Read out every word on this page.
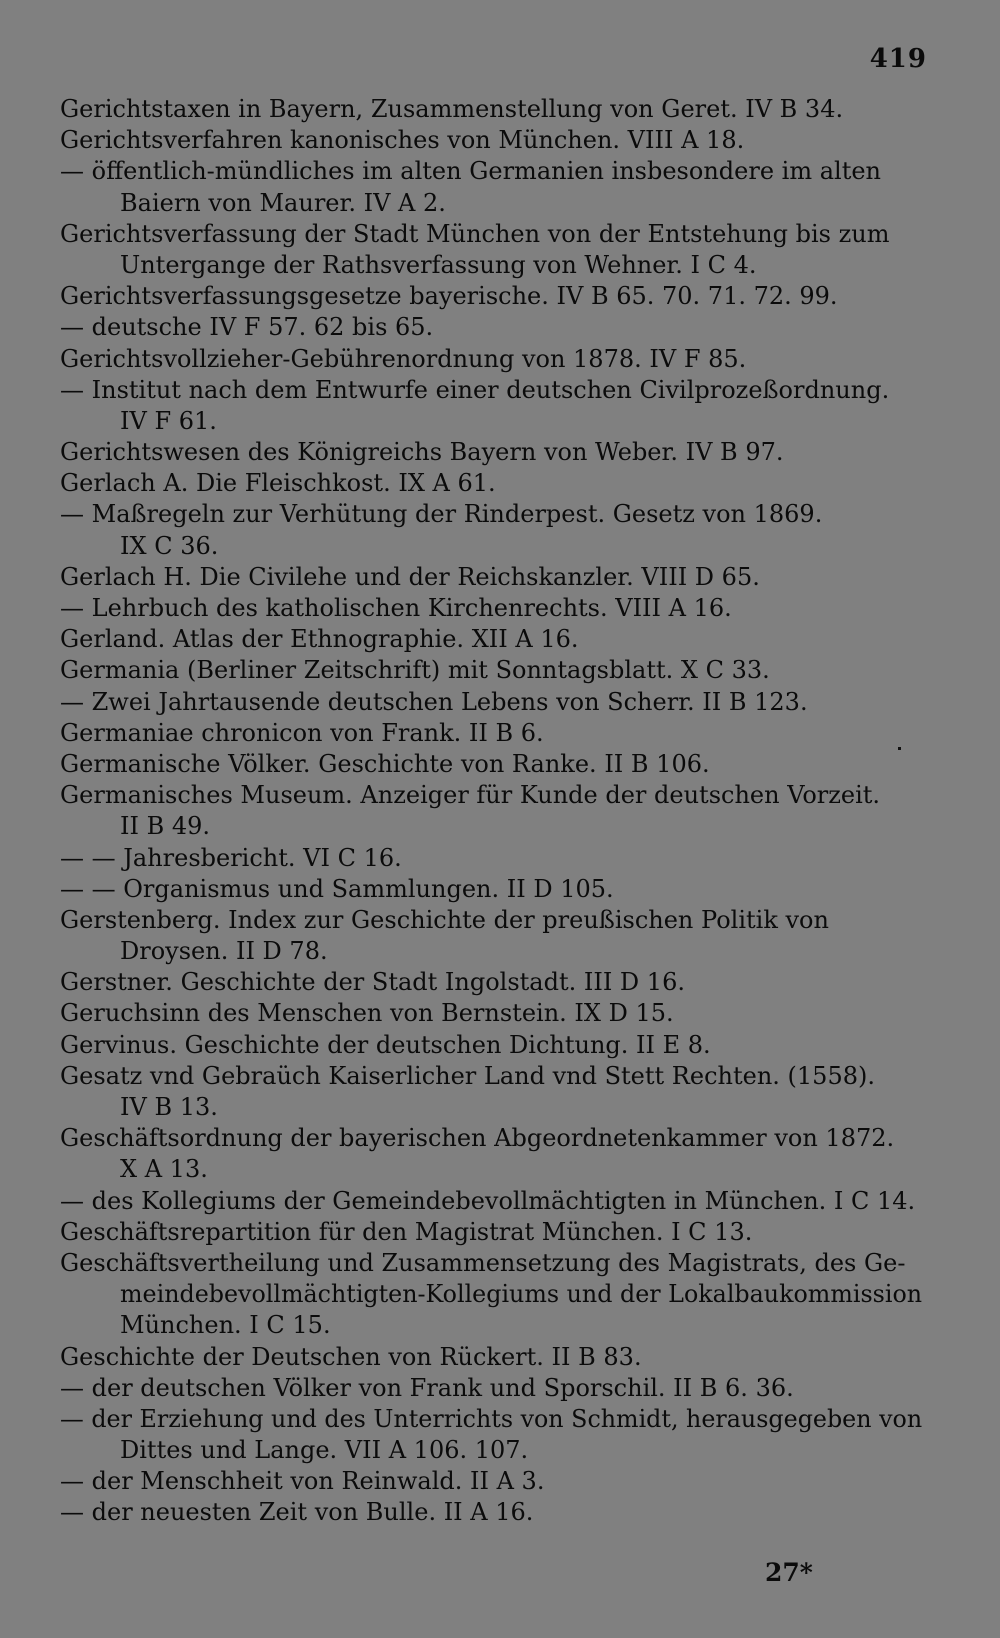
419
Gerichtstaxen in Bayern, Zusammenstellung von Geret. IV B 34.
Gerichtsverfahren kanonisches von München. VIII A 18.
— öffentlich-mündliches im alten Germanien insbesondere im alten
Baiern von Maurer. IV A 2.
Gerichtsverfassung der Stadt München von der Entstehung bis zum
Untergange der Rathsverfassung von Wehner. I C 4.
Gerichtsverfassungsgesetze bayerische. IV B 65. 70. 71. 72. 99.
— deutsche IV F 57. 62 bis 65.
Gerichtsvollzieher-Gebührenordnung von 1878. IV F 85.
— Institut nach dem Entwurfe einer deutschen Civilprozeßordnung.
IV F 61.
Gerichtswesen des Königreichs Bayern von Weber. IV B 97.
Gerlach A. Die Fleischkost. IX A 61.
— Maßregeln zur Verhütung der Rinderpest. Gesetz von 1869.
IX C 36.
Gerlach H. Die Civilehe und der Reichskanzler. VIII D 65.
— Lehrbuch des katholischen Kirchenrechts. VIII A 16.
Gerland. Atlas der Ethnographie. XII A 16.
Germania (Berliner Zeitschrift) mit Sonntagsblatt. X C 33.
— Zwei Jahrtausende deutschen Lebens von Scherr. II B 123.
Germaniae chronicon von Frank. II B 6.
Germanische Völker. Geschichte von Ranke. II B 106.
Germanisches Museum. Anzeiger für Kunde der deutschen Vorzeit.
II B 49.
— — Jahresbericht. VI C 16.
— — Organismus und Sammlungen. II D 105.
Gerstenberg. Index zur Geschichte der preußischen Politik von
Droysen. II D 78.
Gerstner. Geschichte der Stadt Ingolstadt. III D 16.
Geruchsinn des Menschen von Bernstein. IX D 15.
Gervinus. Geschichte der deutschen Dichtung. II E 8.
Gesatz vnd Gebraüch Kaiserlicher Land vnd Stett Rechten. (1558).
IV B 13.
Geschäftsordnung der bayerischen Abgeordnetenkammer von 1872.
X A 13.
— des Kollegiums der Gemeindebevollmächtigten in München. I C 14.
Geschäftsrepartition für den Magistrat München. I C 13.
Geschäftsvertheilung und Zusammensetzung des Magistrats, des Ge-
meindebevollmächtigten-Kollegiums und der Lokalbaukommission
München. I C 15.
Geschichte der Deutschen von Rückert. II B 83.
— der deutschen Völker von Frank und Sporschil. II B 6. 36.
— der Erziehung und des Unterrichts von Schmidt, herausgegeben von
Dittes und Lange. VII A 106. 107.
— der Menschheit von Reinwald. II A 3.
— der neuesten Zeit von Bulle. II A 16.
27*
